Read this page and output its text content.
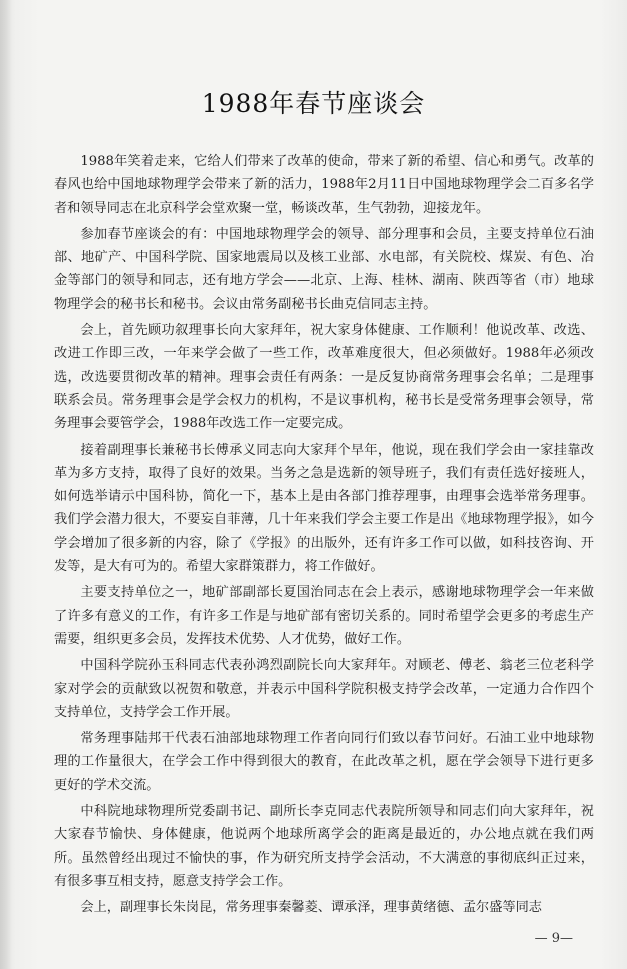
1988年春节座谈会

1988年笑着走来，它给人们带来了改革的使命，带来了新的希望、信心和勇气。改革的春风也给中国地球物理学会带来了新的活力，1988年2月11日中国地球物理学会二百多名学者和领导同志在北京科学会堂欢聚一堂，畅谈改革，生气勃勃，迎接龙年。

参加春节座谈会的有：中国地球物理学会的领导、部分理事和会员，主要支持单位石油部、地矿产、中国科学院、国家地震局以及核工业部、水电部，有关院校、煤炭、有色、冶金等部门的领导和同志，还有地方学会——北京、上海、桂林、湖南、陕西等省（市）地球物理学会的秘书长和秘书。会议由常务副秘书长曲克信同志主持。

会上，首先顾功叙理事长向大家拜年，祝大家身体健康、工作顺利！他说改革、改选、改进工作即三改，一年来学会做了一些工作，改革难度很大，但必须做好。1988年必须改选，改选要贯彻改革的精神。理事会责任有两条：一是反复协商常务理事会名单；二是理事联系会员。常务理事会是学会权力的机构，不是议事机构，秘书长是受常务理事会领导，常务理事会要管学会，1988年改选工作一定要完成。

接着副理事长兼秘书长傅承义同志向大家拜个早年，他说，现在我们学会由一家挂靠改革为多方支持，取得了良好的效果。当务之急是选新的领导班子，我们有责任选好接班人，如何选举请示中国科协，简化一下，基本上是由各部门推荐理事，由理事会选举常务理事。我们学会潜力很大，不要妄自菲薄，几十年来我们学会主要工作是出《地球物理学报》，如今学会增加了很多新的内容，除了《学报》的出版外，还有许多工作可以做，如科技咨询、开发等，是大有可为的。希望大家群策群力，将工作做好。

主要支持单位之一，地矿部副部长夏国治同志在会上表示，感谢地球物理学会一年来做了许多有意义的工作，有许多工作是与地矿部有密切关系的。同时希望学会更多的考虑生产需要，组织更多会员，发挥技术优势、人才优势，做好工作。

中国科学院孙玉科同志代表孙鸿烈副院长向大家拜年。对顾老、傅老、翁老三位老科学家对学会的贡献致以祝贺和敬意，并表示中国科学院积极支持学会改革，一定通力合作四个支持单位，支持学会工作开展。

常务理事陆邦干代表石油部地球物理工作者向同行们致以春节问好。石油工业中地球物理的工作量很大，在学会工作中得到很大的教育，在此改革之机，愿在学会领导下进行更多更好的学术交流。

中科院地球物理所党委副书记、副所长李克同志代表院所领导和同志们向大家拜年，祝大家春节愉快、身体健康，他说两个地球所离学会的距离是最近的，办公地点就在我们两所。虽然曾经出现过不愉快的事，作为研究所支持学会活动，不大满意的事彻底纠正过来，有很多事互相支持，愿意支持学会工作。

会上，副理事长朱岗昆，常务理事秦馨菱、谭承泽，理事黄绪德、孟尔盛等同志

— 9—
